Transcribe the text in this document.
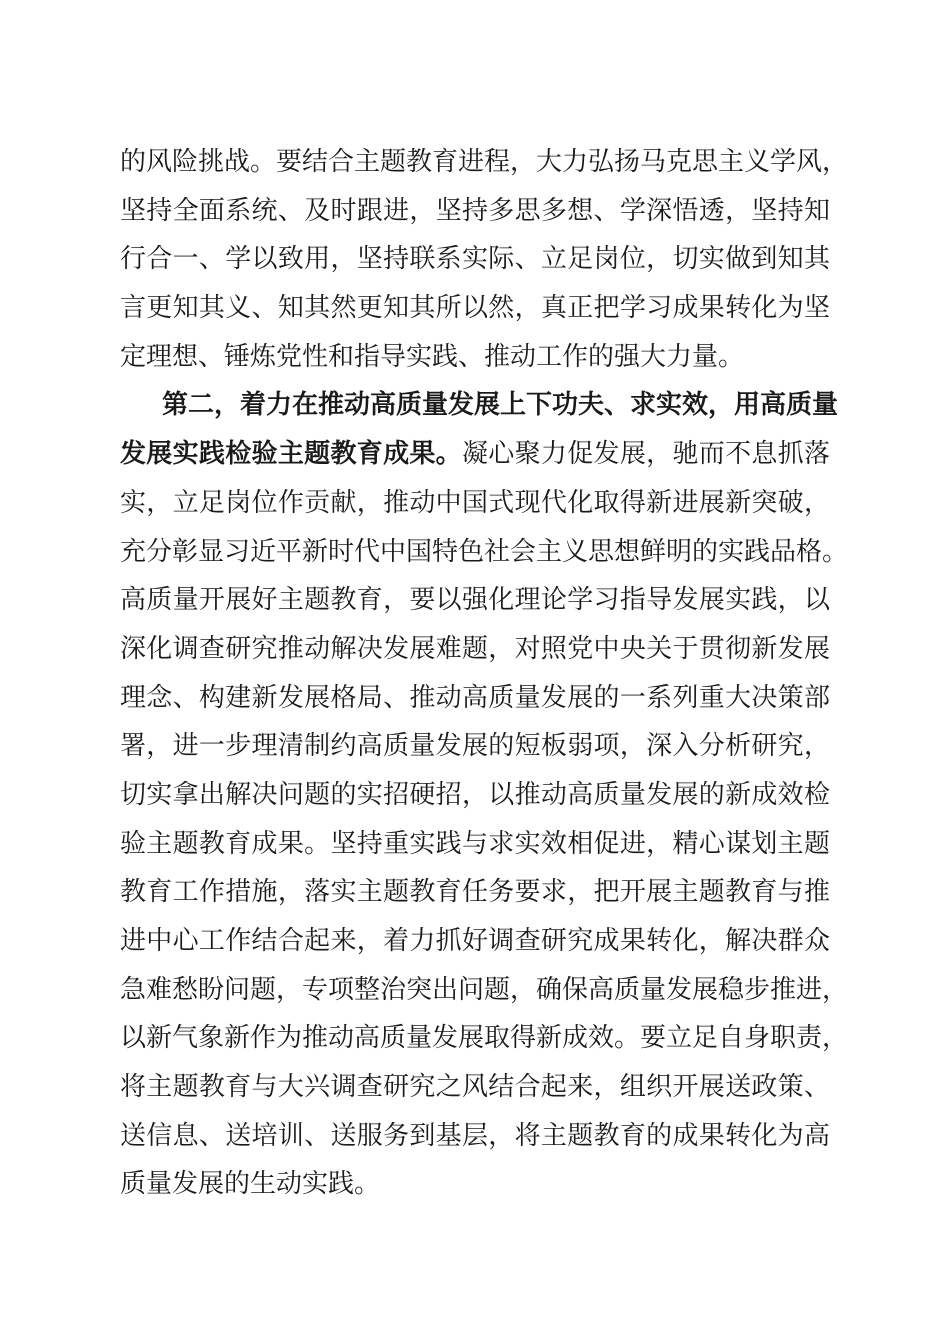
的风险挑战。要结合主题教育进程，大力弘扬马克思主义学风，
坚持全面系统、及时跟进，坚持多思多想、学深悟透，坚持知
行合一、学以致用，坚持联系实际、立足岗位，切实做到知其
言更知其义、知其然更知其所以然，真正把学习成果转化为坚
定理想、锤炼党性和指导实践、推动工作的强大力量。
第二，着力在推动高质量发展上下功夫、求实效，用高质量
发展实践检验主题教育成果。凝心聚力促发展，驰而不息抓落
实，立足岗位作贡献，推动中国式现代化取得新进展新突破，
充分彰显习近平新时代中国特色社会主义思想鲜明的实践品格。
高质量开展好主题教育，要以强化理论学习指导发展实践，以
深化调查研究推动解决发展难题，对照党中央关于贯彻新发展
理念、构建新发展格局、推动高质量发展的一系列重大决策部
署，进一步理清制约高质量发展的短板弱项，深入分析研究，
切实拿出解决问题的实招硬招，以推动高质量发展的新成效检
验主题教育成果。坚持重实践与求实效相促进，精心谋划主题
教育工作措施，落实主题教育任务要求，把开展主题教育与推
进中心工作结合起来，着力抓好调查研究成果转化，解决群众
急难愁盼问题，专项整治突出问题，确保高质量发展稳步推进，
以新气象新作为推动高质量发展取得新成效。要立足自身职责，
将主题教育与大兴调查研究之风结合起来，组织开展送政策、
送信息、送培训、送服务到基层，将主题教育的成果转化为高
质量发展的生动实践。
